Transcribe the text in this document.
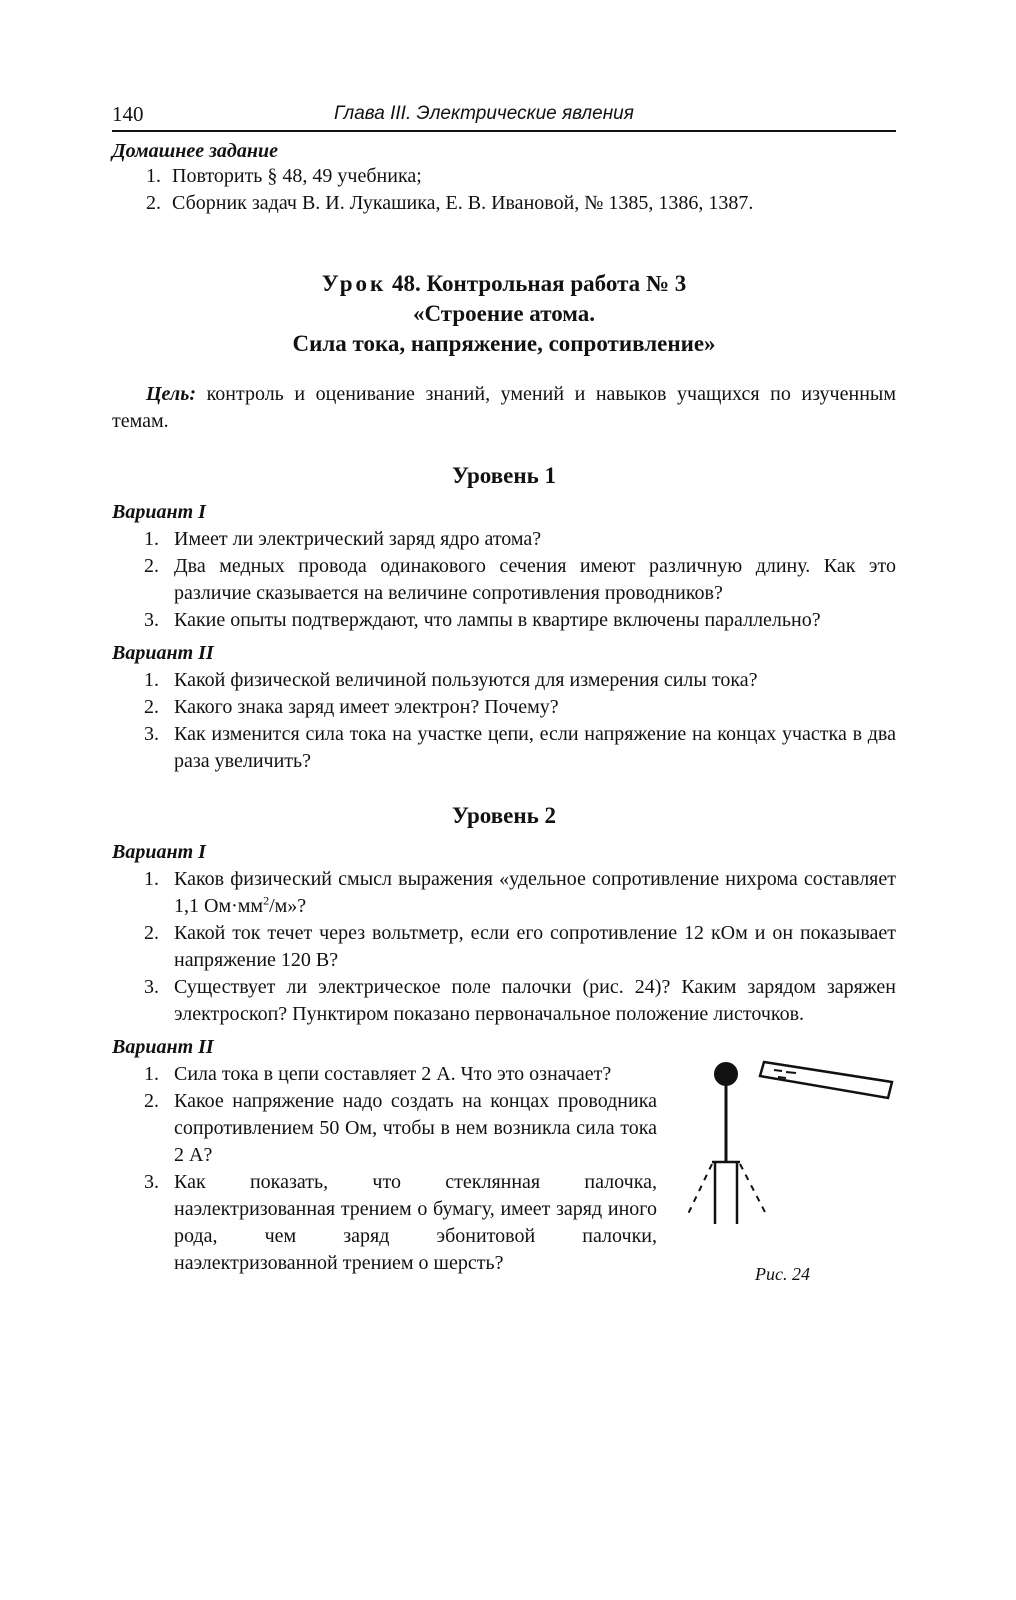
140	Глава III. Электрические явления
Домашнее задание
1. Повторить § 48, 49 учебника;
2. Сборник задач В. И. Лукашика, Е. В. Ивановой, № 1385, 1386, 1387.
Урок 48. Контрольная работа № 3
«Строение атома.
Сила тока, напряжение, сопротивление»
Цель: контроль и оценивание знаний, умений и навыков учащихся по изученным темам.
Уровень 1
Вариант I
1. Имеет ли электрический заряд ядро атома?
2. Два медных провода одинакового сечения имеют различную длину. Как это различие сказывается на величине сопротивления проводников?
3. Какие опыты подтверждают, что лампы в квартире включены параллельно?
Вариант II
1. Какой физической величиной пользуются для измерения силы тока?
2. Какого знака заряд имеет электрон? Почему?
3. Как изменится сила тока на участке цепи, если напряжение на концах участка в два раза увеличить?
Уровень 2
Вариант I
1. Каков физический смысл выражения «удельное сопротивление нихрома составляет 1,1 $Ом\cdot мм^2/м$»?
2. Какой ток течет через вольтметр, если его сопротивление 12 кОм и он показывает напряжение 120 В?
3. Существует ли электрическое поле палочки (рис. 24)? Каким зарядом заряжен электроскоп? Пунктиром показано первоначальное положение листочков.
Вариант II
1. Сила тока в цепи составляет 2 А. Что это означает?
2. Какое напряжение надо создать на концах проводника сопротивлением 50 Ом, чтобы в нем возникла сила тока 2 А?
3. Как показать, что стеклянная палочка, наэлектризованная трением о бумагу, имеет заряд иного рода, чем заряд эбонитовой палочки, наэлектризованной трением о шерсть?	Рис. 24
